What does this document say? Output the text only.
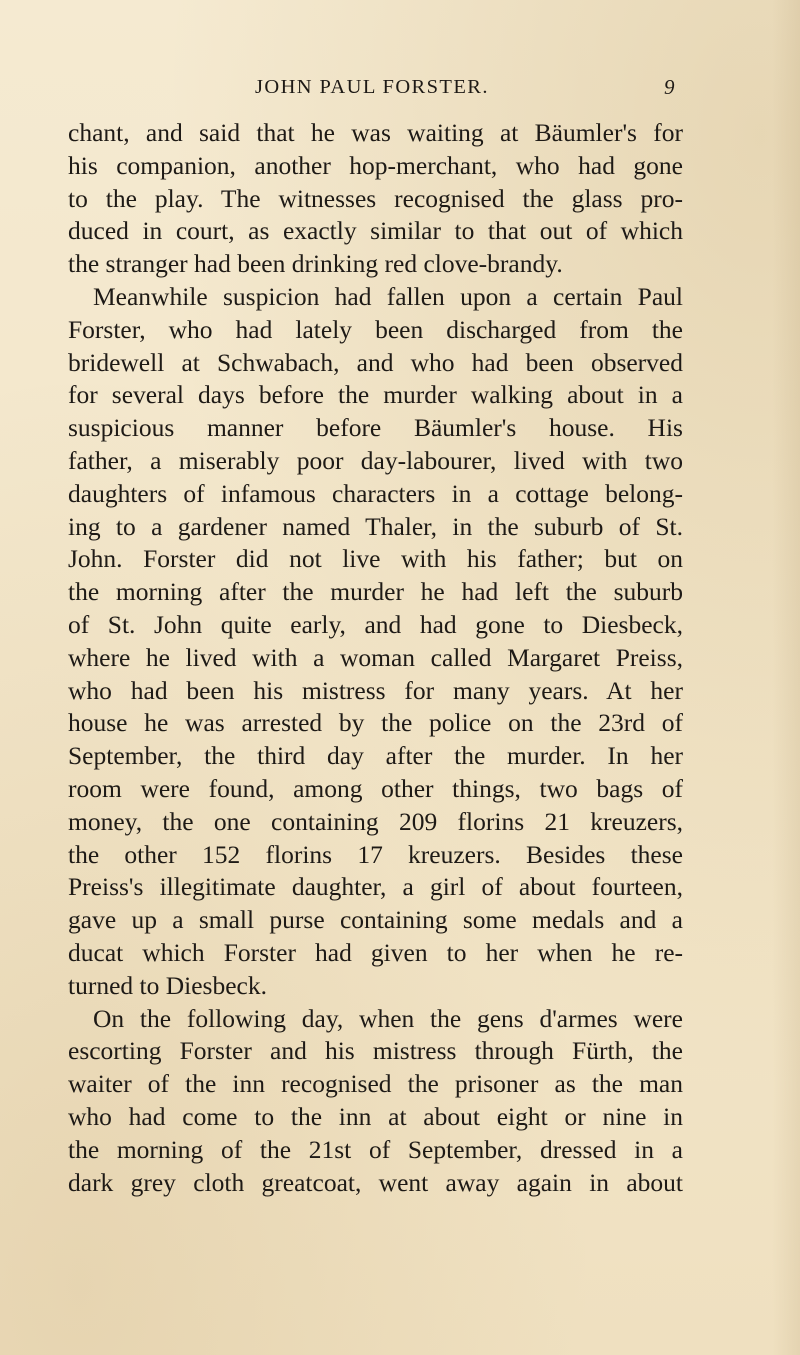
JOHN PAUL FORSTER.	9
chant, and said that he was waiting at Bäumler's for
his companion, another hop-merchant, who had gone
to the play. The witnesses recognised the glass pro-
duced in court, as exactly similar to that out of which
the stranger had been drinking red clove-brandy.
Meanwhile suspicion had fallen upon a certain Paul
Forster, who had lately been discharged from the
bridewell at Schwabach, and who had been observed
for several days before the murder walking about in a
suspicious manner before Bäumler's house. His
father, a miserably poor day-labourer, lived with two
daughters of infamous characters in a cottage belong-
ing to a gardener named Thaler, in the suburb of St.
John. Forster did not live with his father; but on
the morning after the murder he had left the suburb
of St. John quite early, and had gone to Diesbeck,
where he lived with a woman called Margaret Preiss,
who had been his mistress for many years. At her
house he was arrested by the police on the 23rd of
September, the third day after the murder. In her
room were found, among other things, two bags of
money, the one containing 209 florins 21 kreuzers,
the other 152 florins 17 kreuzers. Besides these
Preiss's illegitimate daughter, a girl of about fourteen,
gave up a small purse containing some medals and a
ducat which Forster had given to her when he re-
turned to Diesbeck.
On the following day, when the gens d'armes were
escorting Forster and his mistress through Fürth, the
waiter of the inn recognised the prisoner as the man
who had come to the inn at about eight or nine in
the morning of the 21st of September, dressed in a
dark grey cloth greatcoat, went away again in about
